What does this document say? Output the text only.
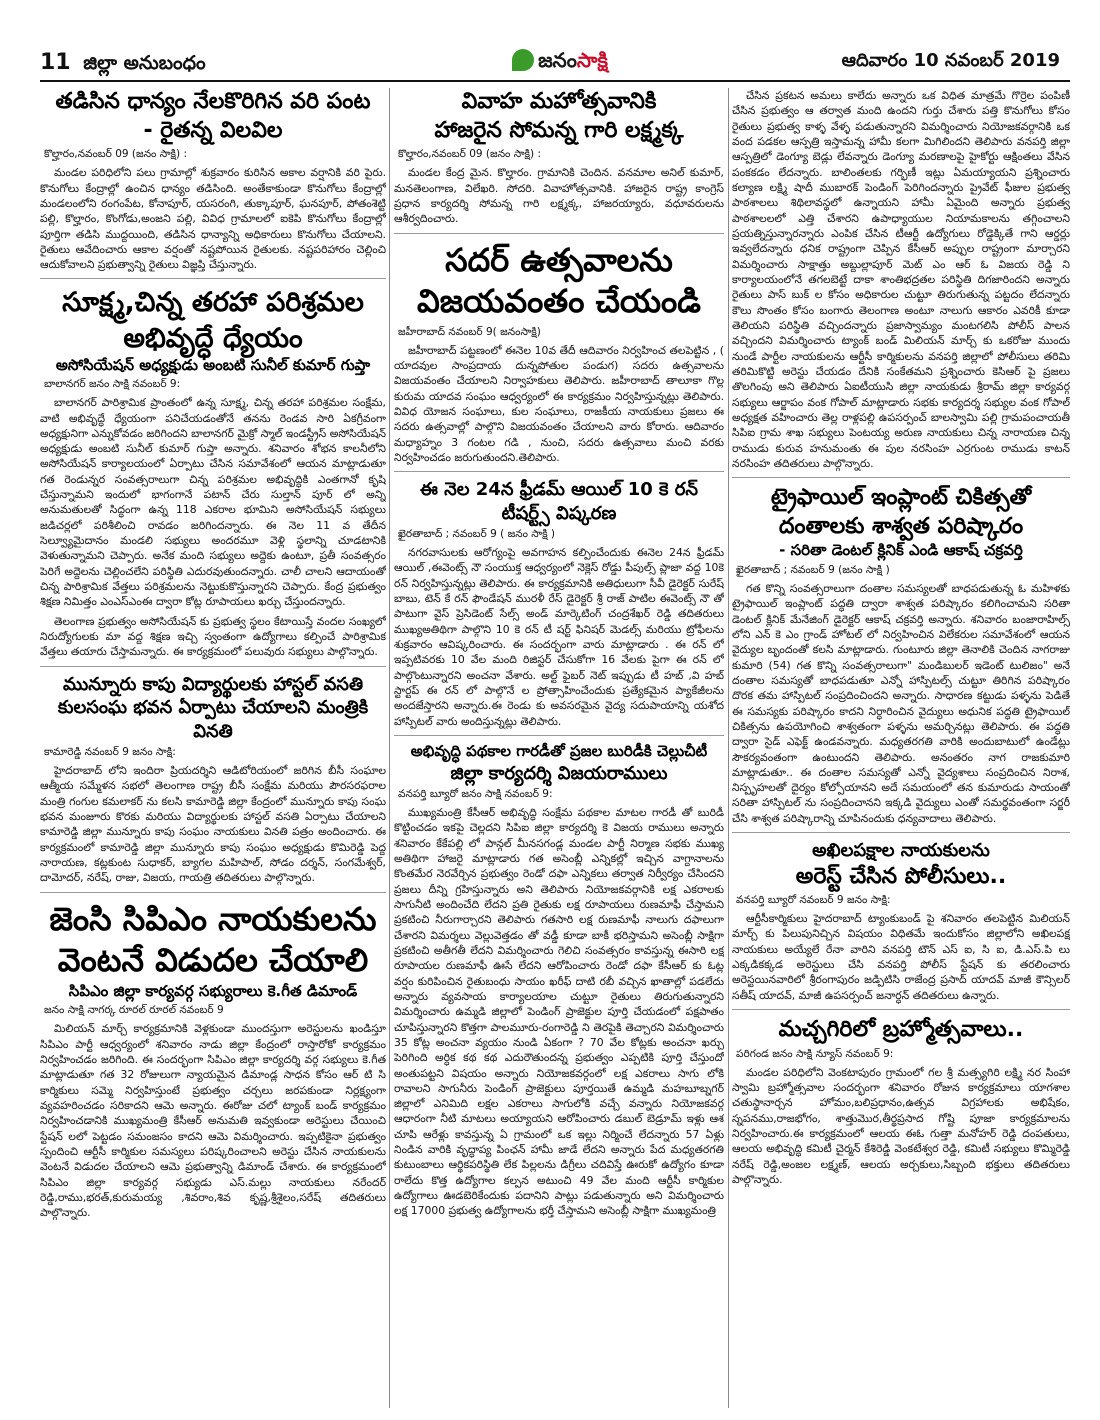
11 జిల్లా అనుబంధం	జనంసాక్షి	ఆదివారం 10 నవంబర్ 2019
తడిసిన ధాన్యం నేలకొరిగిన వరి పంట
- రైతన్న విలవిల
కొల్హారం,నవంబర్ 09 (జనం సాక్షి) :

మండల పరిధిలోని పలు గ్రామాల్లో శుక్రవారం కురిసిన అకాల వర్షానికి వరి పైరు. కొనుగోలు కేంద్రాల్లో ఉంచిన ధాన్యం తడిసింది. అంతేకాకుండా కొనుగోలు కేంద్రాల్లో మండలంలోని రంగంపేట, కోనాపూర్, యసరంగి, తుక్కాపూర్, ఘనపూర్, పోతంశెట్టి పల్లి, కొల్హారం, కొంగోడు,అంజని పల్లి, వివిధ గ్రామాలలో ఐకెపి కొనుగోలు కేంద్రాల్లో పూర్తిగా తడిసి ముద్దయింది, తడిసిన ధాన్యాన్ని అధికారులు కొనుగోలు చేయాలని. రైతులు ఆవేదించారు ఆకాల వర్షంతో నష్టపోయిన రైతులకు. నష్టపరిహారం చెల్లించి ఆదుకోవాలని ప్రభుత్వాన్ని రైతులు విజ్ఞప్తి చేస్తున్నారు.

సూక్ష్మ,చిన్న తరహా పరిశ్రమల
అభివృద్ధే ధ్యేయం
అసోసియేషన్ అధ్యక్షుడు అంబటి సునీల్ కుమార్ గుప్తా
బాలానగర్ జనం సాక్షి నవంబర్ 9:

బాలానగర్ పారిశ్రామిక ప్రాంతంలో ఉన్న సూక్ష్మ, చిన్న తరహా పరిశ్రమల సంక్షేమ, వాటి అభివృద్ధే ధ్యేయంగా పనిచేయడంతోనే తనను రెండవ సారి ఏకగ్రీవంగా అధ్యక్షునిగా ఎన్నుకోవడం జరిగిందని బాలానగర్ మైక్రో స్మాల్ ఇండస్ట్రీస్ అసోసియేషన్ అధ్యక్షుడు అంబటి సునీల్ కుమార్ గుప్తా అన్నారు. శనివారం శోభన కాలనీలోని అసోసియేషన్ కార్యాలయంలో ఏర్పాటు చేసిన సమావేశంలో ఆయన మాట్లాడుతూ గత రెండున్నర సంవత్సరాలుగా చిన్న పరిశ్రమల అభివృద్ధికి ఎంతగానో కృషి చేస్తున్నామని ఇందులో భాగంగానే పటాన్ చేరు సుల్తాన్ పూర్ లో అన్ని అనుమతులతో సిద్ధంగా ఉన్న 118 ఎకరాల భూమిని అసోసియేషన్ సభ్యులు జడిచర్లలో పరిశీలించి రావడం జరిగిందన్నారు. ఈ నెల 11 వ తేదీన సెల్వ్యూమైదానం మండలి సభ్యులు అందరమూ వెళ్లి స్థలాన్ని చూడటానికి వెళుతున్నామని చెప్పారు. అనేక మంది సభ్యులు అద్దెకు ఉంటూ, ప్రతీ సంవత్సరం పెరిగే అద్దెలను చెల్లించలేని పరిస్థితి ఎదురవుతుందన్నారు. చాలీ చాలని ఆదాయంతో చిన్న పారిశ్రామిక వేత్తలు పరిశ్రమలను నెట్టుకుకొస్తున్నారని చెప్పారు. కేంద్ర ప్రభుత్వం శిక్షణ నిమిత్తం ఎంఎస్ఎంఈ ద్వారా కోట్ల రూపాయలు ఖర్చు చేస్తుందన్నారు.

తెలంగాణ ప్రభుత్వం అసోసియేషన్ కు ప్రభుత్వ స్థలం కేటాయిస్తే వందల సంఖ్యలో నిరుద్యోగులకు మా వద్ద శిక్షణ ఇచ్చి స్వంతంగా ఉద్యోగాలు కల్పించే పారిశ్రామిక వేత్తలు తయారు చేస్తామన్నారు. ఈ కార్యక్రమంలో పలువురు సభ్యులు పాల్గొన్నారు.

మున్నూరు కాపు విద్యార్థులకు హాస్టల్ వసతి
కులసంఘ భవన ఏర్పాటు చేయాలని మంత్రికి వినతి
కామారెడ్డి నవంబర్ 9 జనం సాక్షి:

హైదరాబాద్ లోని ఇందిరా ప్రియదర్శిని ఆడిటోరియంలో జరిగిన బీసీ సంఘాల ఆత్మీయ సమ్మేళన సభలో తెలంగాణ రాష్ట్ర బీసీ సంక్షేమ మరియు పౌరసరఫరాల మంత్రి గంగుల కమలాకర్ ను కలసి కామారెడ్డి జిల్లా కేంద్రంలో మున్నూరు కాపు సంఘ భవన మంజూరు కొరకు మరియు విద్యార్థులకు హాస్టల్ వసతి ఏర్పాటు చేయాలని కామారెడ్డి జిల్లా మున్నూరు కాపు సంఘం నాయకులు వినతి పత్రం అందించారు. ఈ కార్యక్రమంలో కామారెడ్డి జిల్లా మున్నూరు కాపు సంఘం అధ్యక్షుడు కొమిరెడ్డి పెద్ద నారాయణ, కట్లకుంట సుధాకర్, బ్యాగల మహిపాల్, సోడం దర్శన్, సంగమేశ్వర్, దామోదర్, నరేష్, రాజు, విజయ, గాయత్రి తదితరులు పాల్గొన్నారు.

జెంసి సిపిఎం నాయకులను
వెంటనే విడుదల చేయాలి
సిపిఎం జిల్లా కార్యవర్గ సభ్యురాలు కె.గీత డిమాండ్
జనం సాక్షి నాగర్క రూరల్ రూరల్ నవంబర్ 9

మిలియన్ మార్చ్ కార్యక్రమానికి వెళ్లకుండా ముందస్తుగా అరెస్టులను ఖండిస్తూ సిపిఎం పార్టీ ఆధ్వర్యంలో శనివారం నాడు జిల్లా కేంద్రంలో రాస్తారోకో కార్యక్రమం నిర్వహించడం జరిగింది. ఈ సందర్భంగా సిపిఎం జిల్లా కార్యదర్శి వర్గ సభ్యులు కె.గీత మాట్లాడుతూ గత 32 రోజులుగా న్యాయమైన డిమాండ్ల సాధన కోసం ఆర్ టి సి కార్మికులు సమ్మె నిర్వహిస్తుంటే ప్రభుత్వం చర్చలు జరపకుండా నిర్లక్ష్యంగా వ్యవహరించడం సరికాదని ఆమె అన్నారు. ఈరోజు చలో ట్యాంక్ బండ్ కార్యక్రమం నిర్వహించడానికి ముఖ్యమంత్రి కేసీఆర్ అనుమతి ఇవ్వకుండా అరెస్టులు చేయించి స్టేషన్ లలో పెట్టడం సమంజసం కాదని ఆమె విమర్శించారు. ఇప్పటికైనా ప్రభుత్వం స్పందించి ఆర్టీసీ కార్మికుల సమస్యలు పరిష్కరించాలని అరెస్టు చేసిన నాయకులను వెంటనే విడుదల చేయాలని ఆమె ప్రభుత్వాన్ని డిమాండ్ చేశారు. ఈ కార్యక్రమంలో సిపిఎం జిల్లా కార్యవర్గ సభ్యుడు ఎస్.మల్లు నాయకులు నరేందర్ రెడ్డి,రాము,భరత్,కురుమయ్య ,శివరాం,శివ కృష్ణ,శ్రీశైలం,సరేష్ తదితరులు పాల్గొన్నారు.

వివాహ మహోత్సవానికి
హాజరైన సోమన్న గారి లక్ష్మక్క
కొల్హారం,నవంబర్ 09 (జనం సాక్షి) :

మండల కేంద్ర మైన. కొల్హారం. గ్రామానికి చెందిన. వనమాల అనిల్ కుమార్, మనతెలంగాణ, విలేఖరి. సోదరి. వివాహోత్సవానికి. హాజరైన రాష్ట్ర కాంగ్రెస్ ప్రధాన కార్యదర్శి సోమన్న గారి లక్ష్మక్క, హాజరయ్యారు, వధూవరులను ఆశీర్వదించారు.

సదర్ ఉత్సవాలను
విజయవంతం చేయండి
జహీరాబాద్ నవంబర్ 9( జనంసాక్షి)

జహీరాబాద్ పట్టణంలో ఈనెల 10వ తేదీ ఆదివారం నిర్వహించ తలపెట్టిన , ( యాదవుల సాంప్రదాయ దున్నపోతుల పండుగ) సదరు ఉత్సవాలను విజయవంతం చేయాలని నిర్వాహకులు తెలిపారు. జహీరాబాద్ తాలూకా గొల్ల కురుమ యాదవ సంఘం ఆధ్వర్యంలో ఈ కార్యక్రమం నిర్వహిస్తున్నట్లు తెలిపారు. వివిధ యోజన సంఘాలు, కుల సంఘాలు, రాజకీయ నాయకులు ప్రజలు ఈ సదరు ఉత్సవాల్లో పాల్గొని విజయవంతం చేయాలని వారు కోరారు. ఆదివారం మధ్యాహ్నం 3 గంటల గడి , నుంచి, సదరు ఉత్సవాలు మంచి వరకు నిర్వహించడం జరుగుతుందని.తెలిపారు.

ఈ నెల 24న ఫ్రీడమ్ ఆయిల్ 10 కె రన్
టీషర్ట్స్ విష్కరణ
ఖైరతాబాద్ ; నవంబర్ 9 ( జనం సాక్షి )

నగరవాసులకు ఆరోగ్యంపై అవగాహన కల్పించేందుకు ఈనెల 24న ఫ్రీడమ్ ఆయిల్ ,ఈవెంట్స్ నౌ సంయుక్త ఆధ్వర్యంలో నెక్లెస్ రోడ్డు పీపుల్స్ ప్లాజా వద్ద 10కె రన్ నిర్వహిస్తున్నట్లు తెలిపారు. ఈ కార్యక్రమానికి అతిధులుగా సీవీ డైరెక్టర్ సురేష్ బాబు, టెన్ కే రన్ ఫౌండేషన్ మురళీ రేస్ డైరెక్టర్ శ్రీ రాజ్ పాటిల ఈవెంట్స్ నౌ తో పాటుగా వైస్ ప్రెసిడెంట్ సేల్స్ అండ్ మార్కెటింగ్ చంద్రశేఖర్ రెడ్డి తదితరులు ముఖ్యఅతిథిగా పాల్గొని 10 కె రన్ టీ షర్ట్ ఫినిషర్ మెడల్స్ మరియు ట్రోఫీలను శుక్రవారం ఆవిష్కరించారు. ఈ సందర్భంగా వారు మాట్లాడారు . ఈ రన్ లో ఇప్పటివరకు 10 వేల మంది రిజిస్టర్ చేసుకోగా 16 వేలకు పైగా ఈ రన్ లో పాల్గొంటున్నారని అంచనా వేశారు. అల్ట్ ఫైబర్ నెట్ ఇప్పుడు టీ హబ్ ,వి హబ్ స్టార్టప్ ఈ రన్ లో పాల్గొనే ల ప్రోత్సాహించేందుకు ప్రత్యేకమైన ప్యాకేజీలను అందజేస్తారని అన్నారు.ఈ రెండు కు అవసరమైన వైద్య సదుపాయాన్ని యశోద హాస్పిటల్ వారు అందిస్తున్నట్లు తెలిపారు.

అభివృద్ధి పథకాల గారడీతో ప్రజల బురిడీకి చెల్లుచీటీ
జిల్లా కార్యదర్శి విజయరాములు
వనపర్తి బ్యూరో జనం సాక్షి నవంబర్ 9:

ముఖ్యమంత్రి కేసీఆర్ అభివృద్ధి సంక్షేమ పథకాల మాటల గారడీ తో బురిడీ కొట్టించడం ఇకపై చెల్లదని సిపిఐ జిల్లా కార్యదర్శి కె విజయ రాములు అన్నారు శనివారం కేకేపల్లి లో పాన్గల్ మీనసగండ్ల మండల పార్టీ నిర్మాణ సభకు ముఖ్య అతిథిగా హాజరై మాట్లాడారు గత అసెంబ్లీ ఎన్నికల్లో ఇచ్చిన వాగ్దానాలను కొంతమేర నెరవేర్చిన ప్రభుత్వం రెండో దఫా ఎన్నికలు తర్వాత నిర్వీర్యం చేసిందని ప్రజలు దీన్ని గ్రహిస్తున్నారు అని తెలిపారు నియోజకవర్గానికి లక్ష ఎకరాలకు సాగునీటి అందించేది లేదని ప్రతి రైతుకు లక్ష రూపాయలు రుణమాఫీ చేస్తామని ప్రకటించి నీరుగార్చారని తెలిపారు గతసారి లక్ష రుణమాఫీ నాలుగు దఫాలుగా చేశారని విమర్శలు వెల్లువెత్తడం తో వడ్డీ కూడా బాకీ భరిస్తామని అసెంబ్లీ సాక్షిగా ప్రకటించి అతీగతీ లేదని విమర్శించారు గెలిచి సంవత్సరం కావస్తున్న ఈసారి లక్ష రూపాయల రుణమాఫీ ఊసే లేదని ఆరోపించారు రెండో దఫా కేసీఆర్ కు ఓట్ల వర్షం కురిపించిన రైతుబంధు సాయం ఖరీఫ్ దాటి రబీ వచ్చిన ఖాతాల్లో పడలేదు అన్నారు వ్యవసాయ కార్యాలయాల చుట్టూ రైతులు తిరుగుతున్నారని విమర్శించారు ఉమ్మడి జిల్లాలో పెండింగ్ ప్రాజెక్టుల పూర్తి చేయడంలో పక్షపాతం చూపిస్తున్నారని కొత్తగా పాలమూరు-రంగారెడ్డి ని తెరపైకి తెచ్చారని విమర్శించారు 35 కోట్ల అంచనా వ్యయం నుండి ఏకంగా ? 70 వేల కోట్లకు అంచనా ఖర్చు పెరిగింది అర్ధిక కథ కథ ఎదురౌతుందన్న ప్రభుత్వం ఎప్పటికి పూర్తి చేస్తుందో అంతుపట్టని విషయం అన్నారు నియోజకవర్గంలో లక్ష ఎకరాలు సాగు లోకి రావాలని సాగునీరు పెండింగ్ ప్రాజెక్టులు పూర్తయితే ఉమ్మడి మహబూబ్నగర్ జిల్లాలో ఎనిమిది లక్షల ఎకరాలు సాగులోకి వచ్చే వన్నారు నియోజకవర్గ ఆధారంగా నీటి మాటలు అయ్యాయని ఆరోపించారు డబుల్ బెడ్రూమ్ ఇళ్లు ఆశ చూపి ఆరేళ్లు కావస్తున్న ఏ గ్రామంలో ఒక ఇల్లు నిర్మించే లేదన్నారు 57 ఏళ్లు నిండిన వారికి వృద్ధాప్య పింఛన్ హామీ జాడే లేదని అన్నారు పేద మధ్యతరగతి కుటుంబాలు ఆర్థికపరిస్థితి లేక పిల్లలను డిగ్రీలు చదివిస్తే ఊరుకో ఉద్యోగం కూడా రాలేదు కొత్త ఉద్యోగాల కల్పన అటుంచి 49 వేల మంది ఆర్టీసీ కార్మికుల ఉద్యోగాలు ఊడబెరికేందుకు పదానిని పాట్లు పడుతున్నారు అని విమర్శించారు లక్ష 17000 ప్రభుత్వ ఉద్యోగాలను భర్తీ చేస్తామని అసెంబ్లీ సాక్షిగా ముఖ్యమంత్రి

చేసిన ప్రకటన అమలు కాలేదు అన్నారు ఒక విధిత మాత్రమే గొర్రెల పంపిణీ చేసిన ప్రభుత్వం ఆ తర్వాత మంది ఉందని గుర్తు చేశారు పత్తి కొనుగోలు కోసం రైతులు ప్రభుత్వ కాళ్ళ వేళ్ళ పడుతున్నారని విమర్శించారు నియోజకవర్గానికి ఒక వంద పడకల ఆస్పత్రి ఇస్తామన్న హామీ కలగా మిగిలిందని తెలిపారు వనపర్తి జిల్లా ఆస్పత్రిలో డెంగ్యూ బెడ్లు లేవన్నారు డెంగ్యూ మరణాలపై హైకోర్టు ఆక్షింతలు వేసిన పంకకడం లేదన్నారు. బాలింతలకు గర్భిణీ ఇట్లు ఏమయ్యాయని ప్రశ్నించారు కల్యాణ లక్ష్మి షాదీ ముబారక్ పెండింగ్ పెరిగిందన్నారు ప్రైవేట్ ఫీజుల ప్రభుత్వ పాఠశాలలు శిథిలావస్థలో ఉన్నాయని హామీ ఏమైంది అన్నారు ప్రభుత్వ పాఠశాలలలో ఎత్తి చేశారని ఉపాధ్యాయుల నియామకాలను తగ్గించాలని ప్రయత్నిస్తున్నారన్నారు ఎంపిక చేసిన టీఆర్టీ ఉద్యోగులు రోడ్డెక్కితే గాని ఆర్డర్లు ఇవ్వలేదన్నారు ధనిక రాష్ట్రంగా చెప్పిన కేసీఆర్ అప్పుల రాష్ట్రంగా మార్చారని విమర్శించారు సాక్షాత్తు అబ్దుల్లాపూర్ మెట్ ఎం ఆర్ ఓ విజయ రెడ్డి ని కార్యాలయంలోనే తగలబెట్టే దాకా శాంతిభద్రతల పరిస్థితి దిగజారిందని అన్నారు రైతులు పాస్ బుక్ ల కోసం అధికారుల చుట్టూ తిరుగుతున్న పట్టదం లేదన్నారు కౌలు సొంతం కోసం బంగారు తెలంగాణ అంటూ నాలుగు ఆకారం ఎవరికీ కూడా తెలియని పరిస్థితి వచ్చిందన్నారు ప్రజాస్వామ్యం మంటగలిసి పోలీస్ పాలన వచ్చిందని విమర్శించారు ట్యాంక్ బండ్ మిలియన్ మార్చ్ కు ఒకరోజు ముందు నుండే పార్టీల నాయకులను ఆర్టీసీ కార్మికులను వనపర్తి జిల్లాలో పోలీసులు తరిమి తరిమికొట్టి అరెస్టు చేయడం దేనికి సంకేతమని ప్రశ్నించారు కెసిఆర్ పై ప్రజలు తొలగింపు అని తెలిపారు ఏఐటీయుసి జిల్లా నాయకుడు శ్రీరామ్ జిల్లా కార్యవర్గ సభ్యులు ఆర్జాపం వంక గోపాల్ మాట్లాడారు సభకు కార్యదర్శ సభ్యుల వంక గోపాల్ అధ్యక్షత వహించారు తెల్ల రాళ్లపల్లి ఉపసర్పంచ్ బాలస్వామి పల్లి గ్రామపంచాయతీ సిపిఐ గ్రామ శాఖ సభ్యులు పెంటయ్య అరుణ నాయకులు చిన్న నారాయణ చిన్న రాముడు కురువ హనుమంతు ఈ పుల నరసింహ ఎర్రగుంట రాముడు కాటన్ నరసింహ తదితరులు పాల్గొన్నారు.

ట్రైఫాయిల్ ఇంప్లాంట్ చికిత్సతో
దంతాలకు శాశ్వత పరిష్కారం
- సరితా డెంటల్ క్లినిక్ ఎండి ఆకాష్ చక్రవర్తి
ఖైరతాబాద్ ; నవంబర్ 9 (జనం సాక్షి )

గత కొన్ని సంవత్సరాలుగా దంతాల సమస్యలతో బాధపడుతున్న ఓ మహిళకు ట్రైఫాయిల్ ఇంప్లాంట్ పద్ధతి ద్వారా శాశ్వత పరిష్కారం కలిగించామని సరితా డెంటల్ క్లినిక్ మేనేజింగ్ డైరెక్టర్ ఆకాష్ చక్రవర్తి అన్నారు. శనివారం బంజారాహిల్స్ లోని ఎన్ కె ఎం గ్రాండ్ హోటల్ లో నిర్వహించిన విలేకరుల సమావేశంలో ఆయన వైద్యుల బృందంతో కలసి మాట్లాడారు. గుంటూరు జిల్లా తెనాలికి చెందిన నాగరాజు కుమారి (54) గత కొన్ని సంవత్సరాలుగా" మండిబులర్ ఇడెంట్ టులిజం" అనే దంతాల సమస్యతో బాధపడుతూ ఎన్నో హాస్పిటల్స్ చుట్టూ తిరిగిన పరిష్కారం దొరక తమ హాస్పిటల్ సంప్రదించిందని అన్నారు. సాధారణ కట్టుడు పళ్ళను పెడితే ఈ సమస్యకు పరిష్కారం కాదని నిర్ధారించిన వైద్యులు అధునిక పద్ధతి ట్రైఫాయిల్ చికిత్సను ఉపయోగించి శాశ్వతంగా పళ్ళను అమర్చినట్లు తెలిపారు. ఈ పద్ధతి ద్వారా సైడ్ ఎఫెక్ట్ ఉండవన్నారు. మధ్యతరగతి వారికి అందుబాటులో ఉండేట్లు సౌకర్యవంతంగా ఉంటుందని తెలిపారు. అనంతరం నాగ రాజకుమారి మాట్లాడుతూ.. ఈ దంతాల సమస్యతో ఎన్నో వైద్యశాలు సంప్రదించిన నిరాశ, నిస్పృహలతో దైర్యం కోల్పోయానని అదే సమయంలో తన కుమారుడు సాయంతో సరితా హాస్పిటల్ ను సంప్రదించానని ఇక్కడి వైద్యులు ఎంతో సమర్థవంతంగా సర్జరీ చేసి శాశ్వత పరిష్కారాన్ని చూపినందుకు ధన్యవాదాలు తెలిపారు.

అఖిలపక్షాల నాయకులను
అరెస్ట్ చేసిన పోలీసులు..
వనపర్తి బ్యూరో నవంబర్ 9 జనం సాక్షి:

ఆర్టీసీకార్మికులు హైదరాబాద్ ట్యాంకుబండ్ పై శనివారం తలపెట్టిన మిలియన్ మార్చ్ కు పిలుపునిచ్చిన విషయం విధితమే ఇందుకోసం జిల్లాలోని అఖిలపక్ష నాయకులు అయ్యేలే రేనా వారిని వనపర్తి టౌన్ ఎస్ ఐ, సి ఐ, డి.ఎస్.పి లు ఎక్కడికక్కడ అరెస్టులు చేసి వనపర్తి పోలీస్ స్టేషన్ కు తరలించారు అరెస్టయినవారిలో శ్రీరంగాపురం జడ్పిటిసి రాజేంద్ర ప్రసాద్ యాదవ్ మాజీ కౌన్సిలర్ సతీష్ యాదవ్, మాజీ ఉపసర్పంచ్ జనార్ధన్ తదితరులు ఉన్నారు.

మచ్చగిరిలో బ్రహ్మోత్సవాలు..
పరిగండ జనం సాక్షి న్యూస్ నవంబర్ 9:

మండల పరిధిలోని వెంకటాపురం గ్రామంలో గల శ్రీ మత్స్యగిరి లక్ష్మి నర సింహా స్వామి బ్రహ్మోత్సవాల సందర్భంగా శనివారం రోజున కార్యక్రమాలు యాగశాల చతుస్థానార్చన హోమం,బలిప్రధానం,ఉత్సవ విగ్రహాలకు అభిషేకం, స్నపనము,రాజభోగం, శాత్తుమొర,తీర్థప్రసాద గోష్టి పూజా కార్యక్రమాలను నిర్వహించారు.ఈ కార్యక్రమంలో ఆలయ ఈఓ గుత్తా మనోహర్ రెడ్డి దంపతులు, ఆలయ అభివృద్ధి కమిటీ చైర్మన్ కేశిరెడ్డి వెంకటేశ్వర రెడ్డి, కమిటీ సభ్యులు కొమ్మిరెడ్డి నరేష్ రెడ్డి,అంజల లక్ష్మణ్, ఆలయ అర్చకులు,సిబ్బంది భక్తులు తదితరులు పాల్గొన్నారు.
